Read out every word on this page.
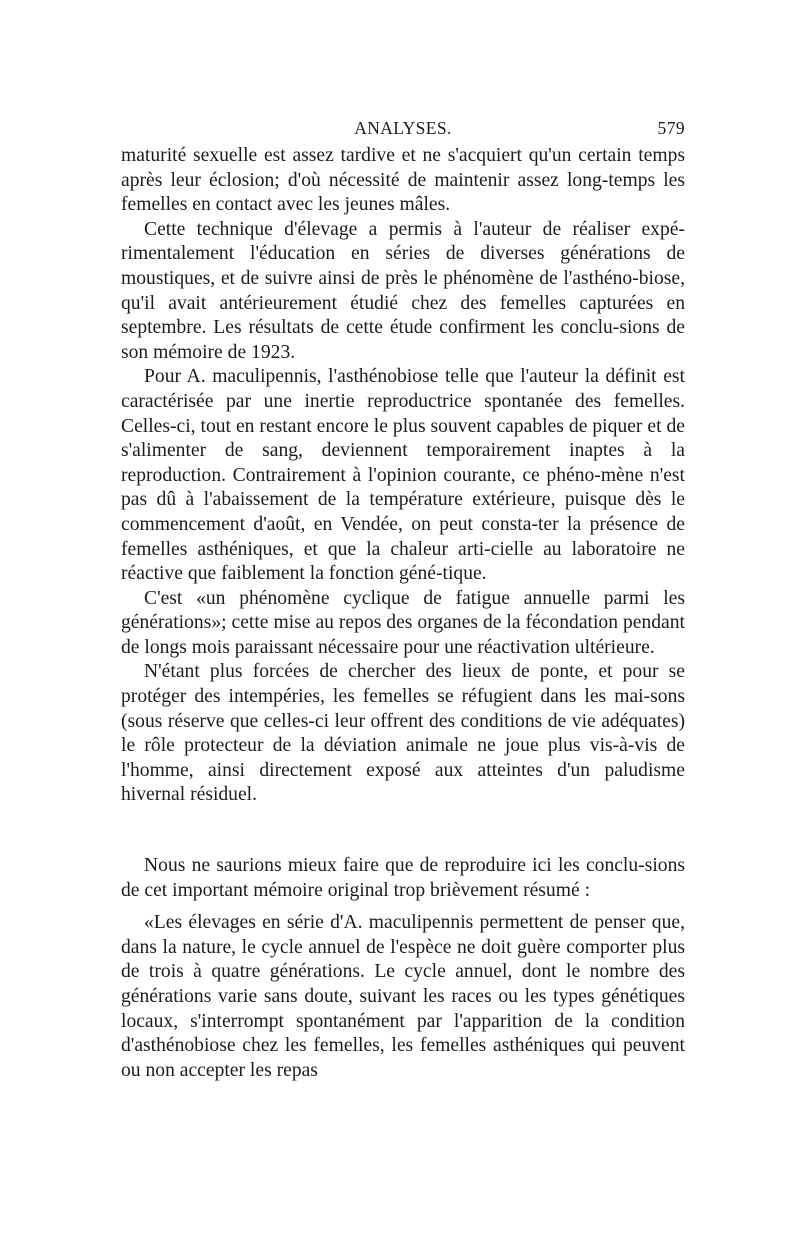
ANALYSES.	579

maturité sexuelle est assez tardive et ne s'acquiert qu'un certain temps après leur éclosion; d'où nécessité de maintenir assez long-temps les femelles en contact avec les jeunes mâles.

Cette technique d'élevage a permis à l'auteur de réaliser expé-rimentalement l'éducation en séries de diverses générations de moustiques, et de suivre ainsi de près le phénomène de l'asthéno-biose, qu'il avait antérieurement étudié chez des femelles capturées en septembre. Les résultats de cette étude confirment les conclu-sions de son mémoire de 1923.

Pour A. maculipennis, l'asthénobiose telle que l'auteur la définit est caractérisée par une inertie reproductrice spontanée des femelles. Celles-ci, tout en restant encore le plus souvent capables de piquer et de s'alimenter de sang, deviennent temporairement inaptes à la reproduction. Contrairement à l'opinion courante, ce phéno-mène n'est pas dû à l'abaissement de la température extérieure, puisque dès le commencement d'août, en Vendée, on peut consta-ter la présence de femelles asthéniques, et que la chaleur arti-cielle au laboratoire ne réactive que faiblement la fonction géné-tique.

C'est «un phénomène cyclique de fatigue annuelle parmi les générations»; cette mise au repos des organes de la fécondation pendant de longs mois paraissant nécessaire pour une réactivation ultérieure.

N'étant plus forcées de chercher des lieux de ponte, et pour se protéger des intempéries, les femelles se réfugient dans les mai-sons (sous réserve que celles-ci leur offrent des conditions de vie adéquates) le rôle protecteur de la déviation animale ne joue plus vis-à-vis de l'homme, ainsi directement exposé aux atteintes d'un paludisme hivernal résiduel.

Nous ne saurions mieux faire que de reproduire ici les conclu-sions de cet important mémoire original trop brièvement résumé :

«Les élevages en série d'A. maculipennis permettent de penser que, dans la nature, le cycle annuel de l'espèce ne doit guère comporter plus de trois à quatre générations. Le cycle annuel, dont le nombre des générations varie sans doute, suivant les races ou les types génétiques locaux, s'interrompt spontanément par l'apparition de la condition d'asthénobiose chez les femelles, les femelles asthéniques qui peuvent ou non accepter les repas
